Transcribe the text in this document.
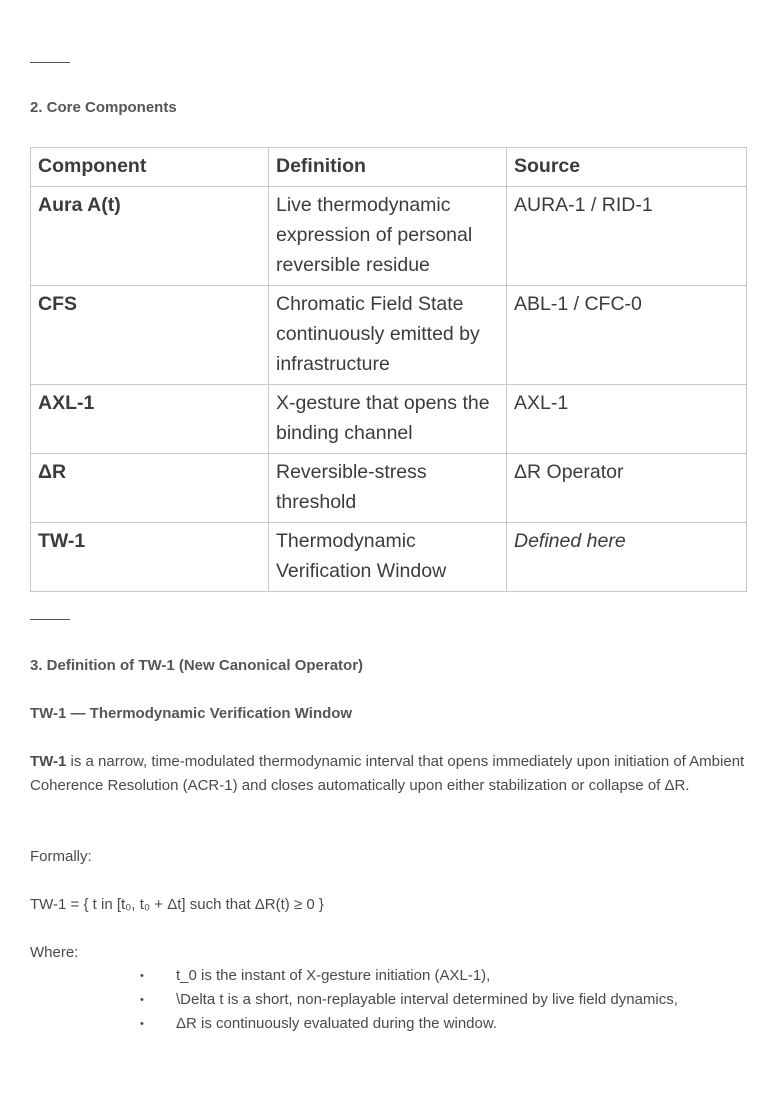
2. Core Components
Component	Definition	Source
Aura A(t)	Live thermodynamic expression of personal reversible residue	AURA-1 / RID-1
CFS	Chromatic Field State continuously emitted by infrastructure	ABL-1 / CFC-0
AXL-1	X-gesture that opens the binding channel	AXL-1
ΔR	Reversible-stress threshold	ΔR Operator
TW-1	Thermodynamic Verification Window	Defined here
3. Definition of TW-1 (New Canonical Operator)
TW-1 — Thermodynamic Verification Window

TW-1 is a narrow, time-modulated thermodynamic interval that opens immediately upon initiation of Ambient Coherence Resolution (ACR-1) and closes automatically upon either stabilization or collapse of ΔR.

Formally:

TW-1 = { t in [t₀, t₀ + Δt] such that ΔR(t) ≥ 0 }

Where:

• t_0 is the instant of X-gesture initiation (AXL-1),
• \Delta t is a short, non-replayable interval determined by live field dynamics,
• ΔR is continuously evaluated during the window.
